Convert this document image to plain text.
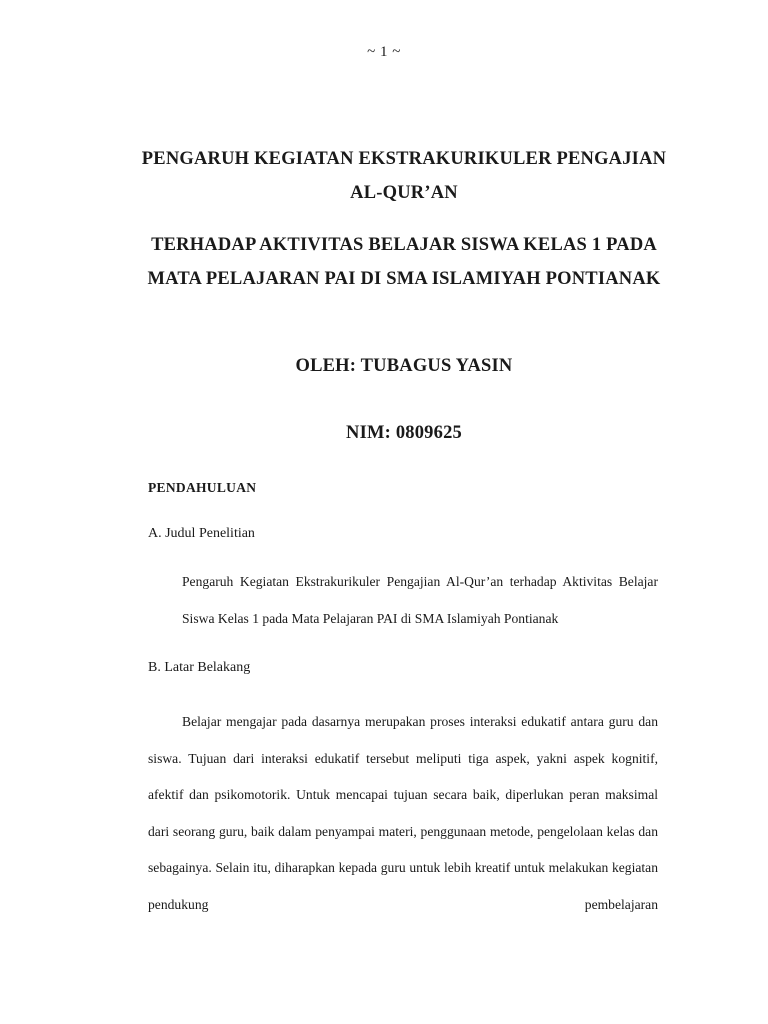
~ 1 ~
PENGARUH KEGIATAN EKSTRAKURIKULER PENGAJIAN AL-QUR’AN
TERHADAP AKTIVITAS BELAJAR SISWA KELAS 1 PADA MATA PELAJARAN PAI DI SMA ISLAMIYAH PONTIANAK
OLEH: TUBAGUS YASIN
NIM: 0809625
PENDAHULUAN
A. Judul Penelitian
Pengaruh Kegiatan Ekstrakurikuler Pengajian Al-Qur’an terhadap Aktivitas Belajar Siswa Kelas 1 pada Mata Pelajaran PAI di SMA Islamiyah Pontianak
B. Latar Belakang
Belajar mengajar pada dasarnya merupakan proses interaksi edukatif antara guru dan siswa. Tujuan dari interaksi edukatif tersebut meliputi tiga aspek, yakni aspek kognitif, afektif dan psikomotorik. Untuk mencapai tujuan secara baik, diperlukan peran maksimal dari seorang guru, baik dalam penyampai materi, penggunaan metode, pengelolaan kelas dan sebagainya. Selain itu, diharapkan kepada guru untuk lebih kreatif untuk melakukan kegiatan pendukung pembelajaran
